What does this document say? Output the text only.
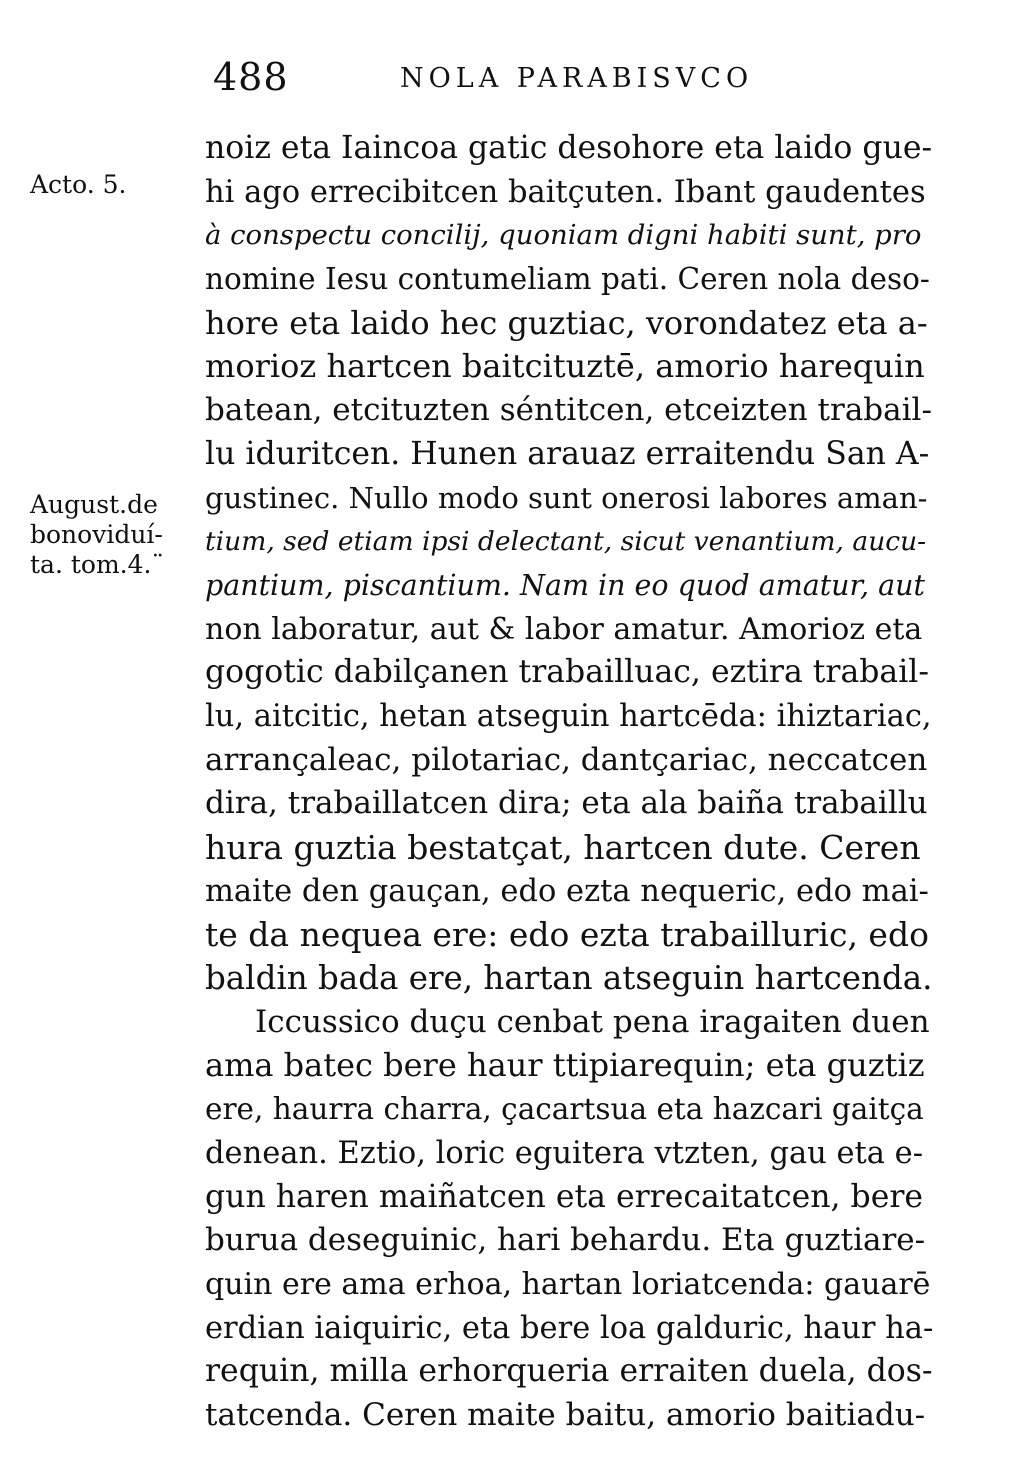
488	NOLA PARABISVCO
Acto. 5.
August.de
bonoviduí-
ta. tom.4.¨
noiz eta Iaincoa gatic desohore eta laido gue-
hi ago errecibitcen baitçuten. Ibant gaudentes
à conspectu concilij, quoniam digni habiti sunt, pro
nomine Iesu contumeliam pati. Ceren nola deso-
hore eta laido hec guztiac, vorondatez eta a-
morioz hartcen baitcituztē, amorio harequin
batean, etcituzten séntitcen, etceizten trabail-
lu iduritcen. Hunen arauaz erraitendu San A-
gustinec. Nullo modo sunt onerosi labores aman-
tium, sed etiam ipsi delectant, sicut venantium, aucu-
pantium, piscantium. Nam in eo quod amatur, aut
non laboratur, aut & labor amatur. Amorioz eta
gogotic dabilçanen trabailluac, eztira trabail-
lu, aitcitic, hetan atseguin hartcēda: ihiztariac,
arrançaleac, pilotariac, dantçariac, neccatcen
dira, trabaillatcen dira; eta ala baiña trabaillu
hura guztia bestatçat, hartcen dute. Ceren
maite den gauçan, edo ezta nequeric, edo mai-
te da nequea ere: edo ezta trabailluric, edo
baldin bada ere, hartan atseguin hartcenda.
Iccussico duçu cenbat pena iragaiten duen
ama batec bere haur ttipiarequin; eta guztiz
ere, haurra charra, çacartsua eta hazcari gaitça
denean. Eztio, loric eguitera vtzten, gau eta e-
gun haren maiñatcen eta errecaitatcen, bere
burua deseguinic, hari behardu. Eta guztiare-
quin ere ama erhoa, hartan loriatcenda: gauarē
erdian iaiquiric, eta bere loa galduric, haur ha-
requin, milla erhorqueria erraiten duela, dos-
tatcenda. Ceren maite baitu, amorio baitiadu-
